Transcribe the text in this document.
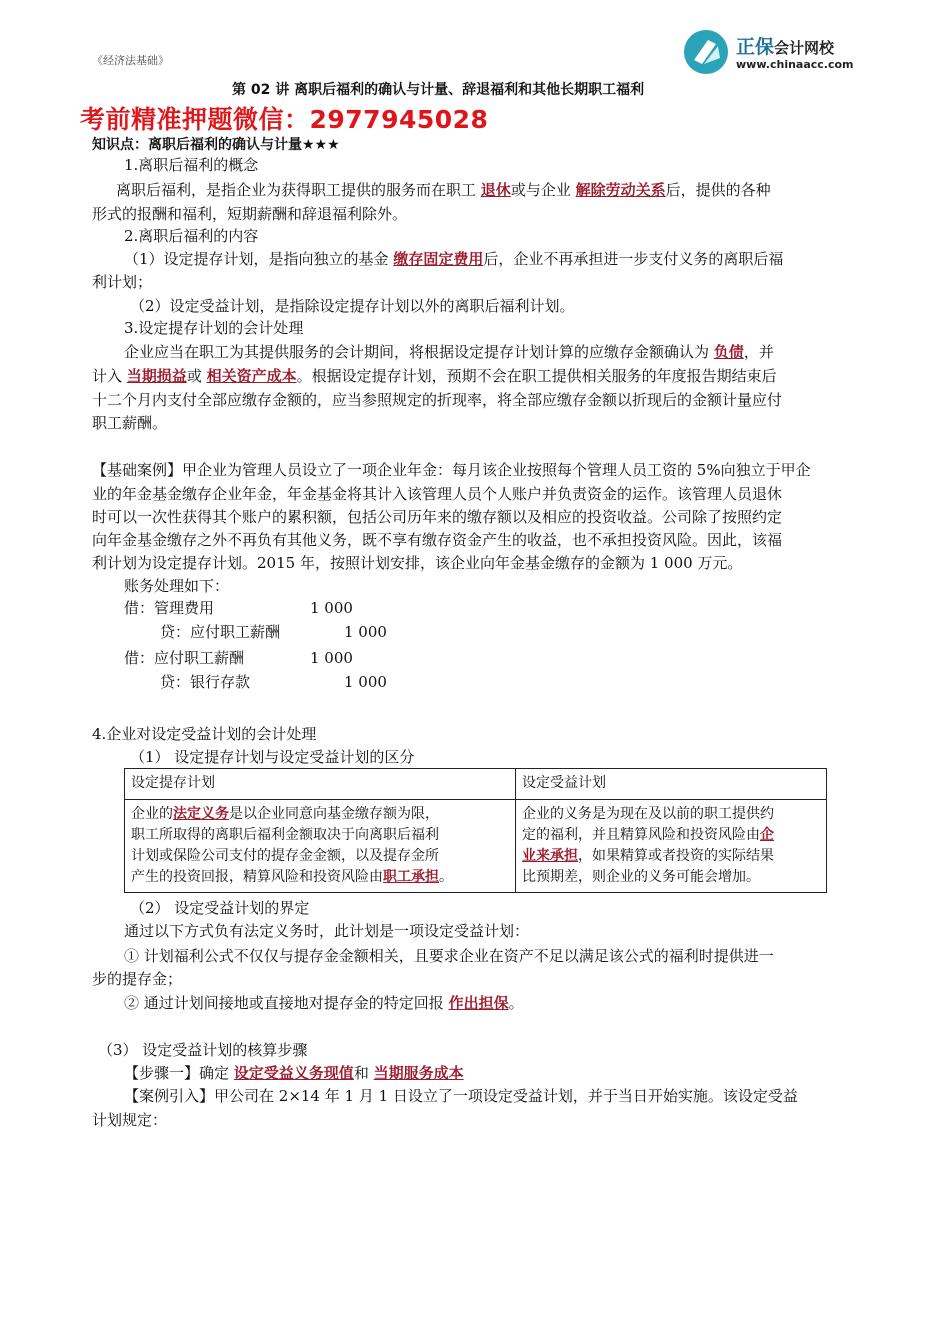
《经济法基础》
正保会计网校
www.chinaacc.com
第 02 讲 离职后福利的确认与计量、辞退福利和其他长期职工福利
考前精准押题微信：2977945028
知识点：离职后福利的确认与计量★★★
1.离职后福利的概念
离职后福利，是指企业为获得职工提供的服务而在职工 退休或与企业 解除劳动关系后，提供的各种
形式的报酬和福利，短期薪酬和辞退福利除外。
2.离职后福利的内容
（1）设定提存计划，是指向独立的基金 缴存固定费用后，企业不再承担进一步支付义务的离职后福
利计划；
（2）设定受益计划，是指除设定提存计划以外的离职后福利计划。
3.设定提存计划的会计处理
企业应当在职工为其提供服务的会计期间，将根据设定提存计划计算的应缴存金额确认为 负债，并
计入 当期损益或 相关资产成本。根据设定提存计划，预期不会在职工提供相关服务的年度报告期结束后
十二个月内支付全部应缴存金额的，应当参照规定的折现率，将全部应缴存金额以折现后的金额计量应付
职工薪酬。
【基础案例】甲企业为管理人员设立了一项企业年金：每月该企业按照每个管理人员工资的 5%向独立于甲企
业的年金基金缴存企业年金，年金基金将其计入该管理人员个人账户并负责资金的运作。该管理人员退休
时可以一次性获得其个账户的累积额，包括公司历年来的缴存额以及相应的投资收益。公司除了按照约定
向年金基金缴存之外不再负有其他义务，既不享有缴存资金产生的收益，也不承担投资风险。因此，该福
利计划为设定提存计划。2015 年，按照计划安排，该企业向年金基金缴存的金额为 1 000 万元。
账务处理如下：
借：管理费用	1 000
贷：应付职工薪酬	1 000
借：应付职工薪酬	1 000
贷：银行存款	1 000
4.企业对设定受益计划的会计处理
（1） 设定提存计划与设定受益计划的区分
设定提存计划	设定受益计划
企业的法定义务是以企业同意向基金缴存额为限，
职工所取得的离职后福利金额取决于向离职后福利
计划或保险公司支付的提存金金额，以及提存金所
产生的投资回报，精算风险和投资风险由职工承担。	企业的义务是为现在及以前的职工提供约
定的福利，并且精算风险和投资风险由企
业来承担，如果精算或者投资的实际结果
比预期差，则企业的义务可能会增加。
（2） 设定受益计划的界定
通过以下方式负有法定义务时，此计划是一项设定受益计划：
① 计划福利公式不仅仅与提存金金额相关，且要求企业在资产不足以满足该公式的福利时提供进一
步的提存金；
② 通过计划间接地或直接地对提存金的特定回报 作出担保。
（3） 设定受益计划的核算步骤
【步骤一】确定 设定受益义务现值和 当期服务成本
【案例引入】甲公司在 2×14 年 1 月 1 日设立了一项设定受益计划，并于当日开始实施。该设定受益
计划规定：
